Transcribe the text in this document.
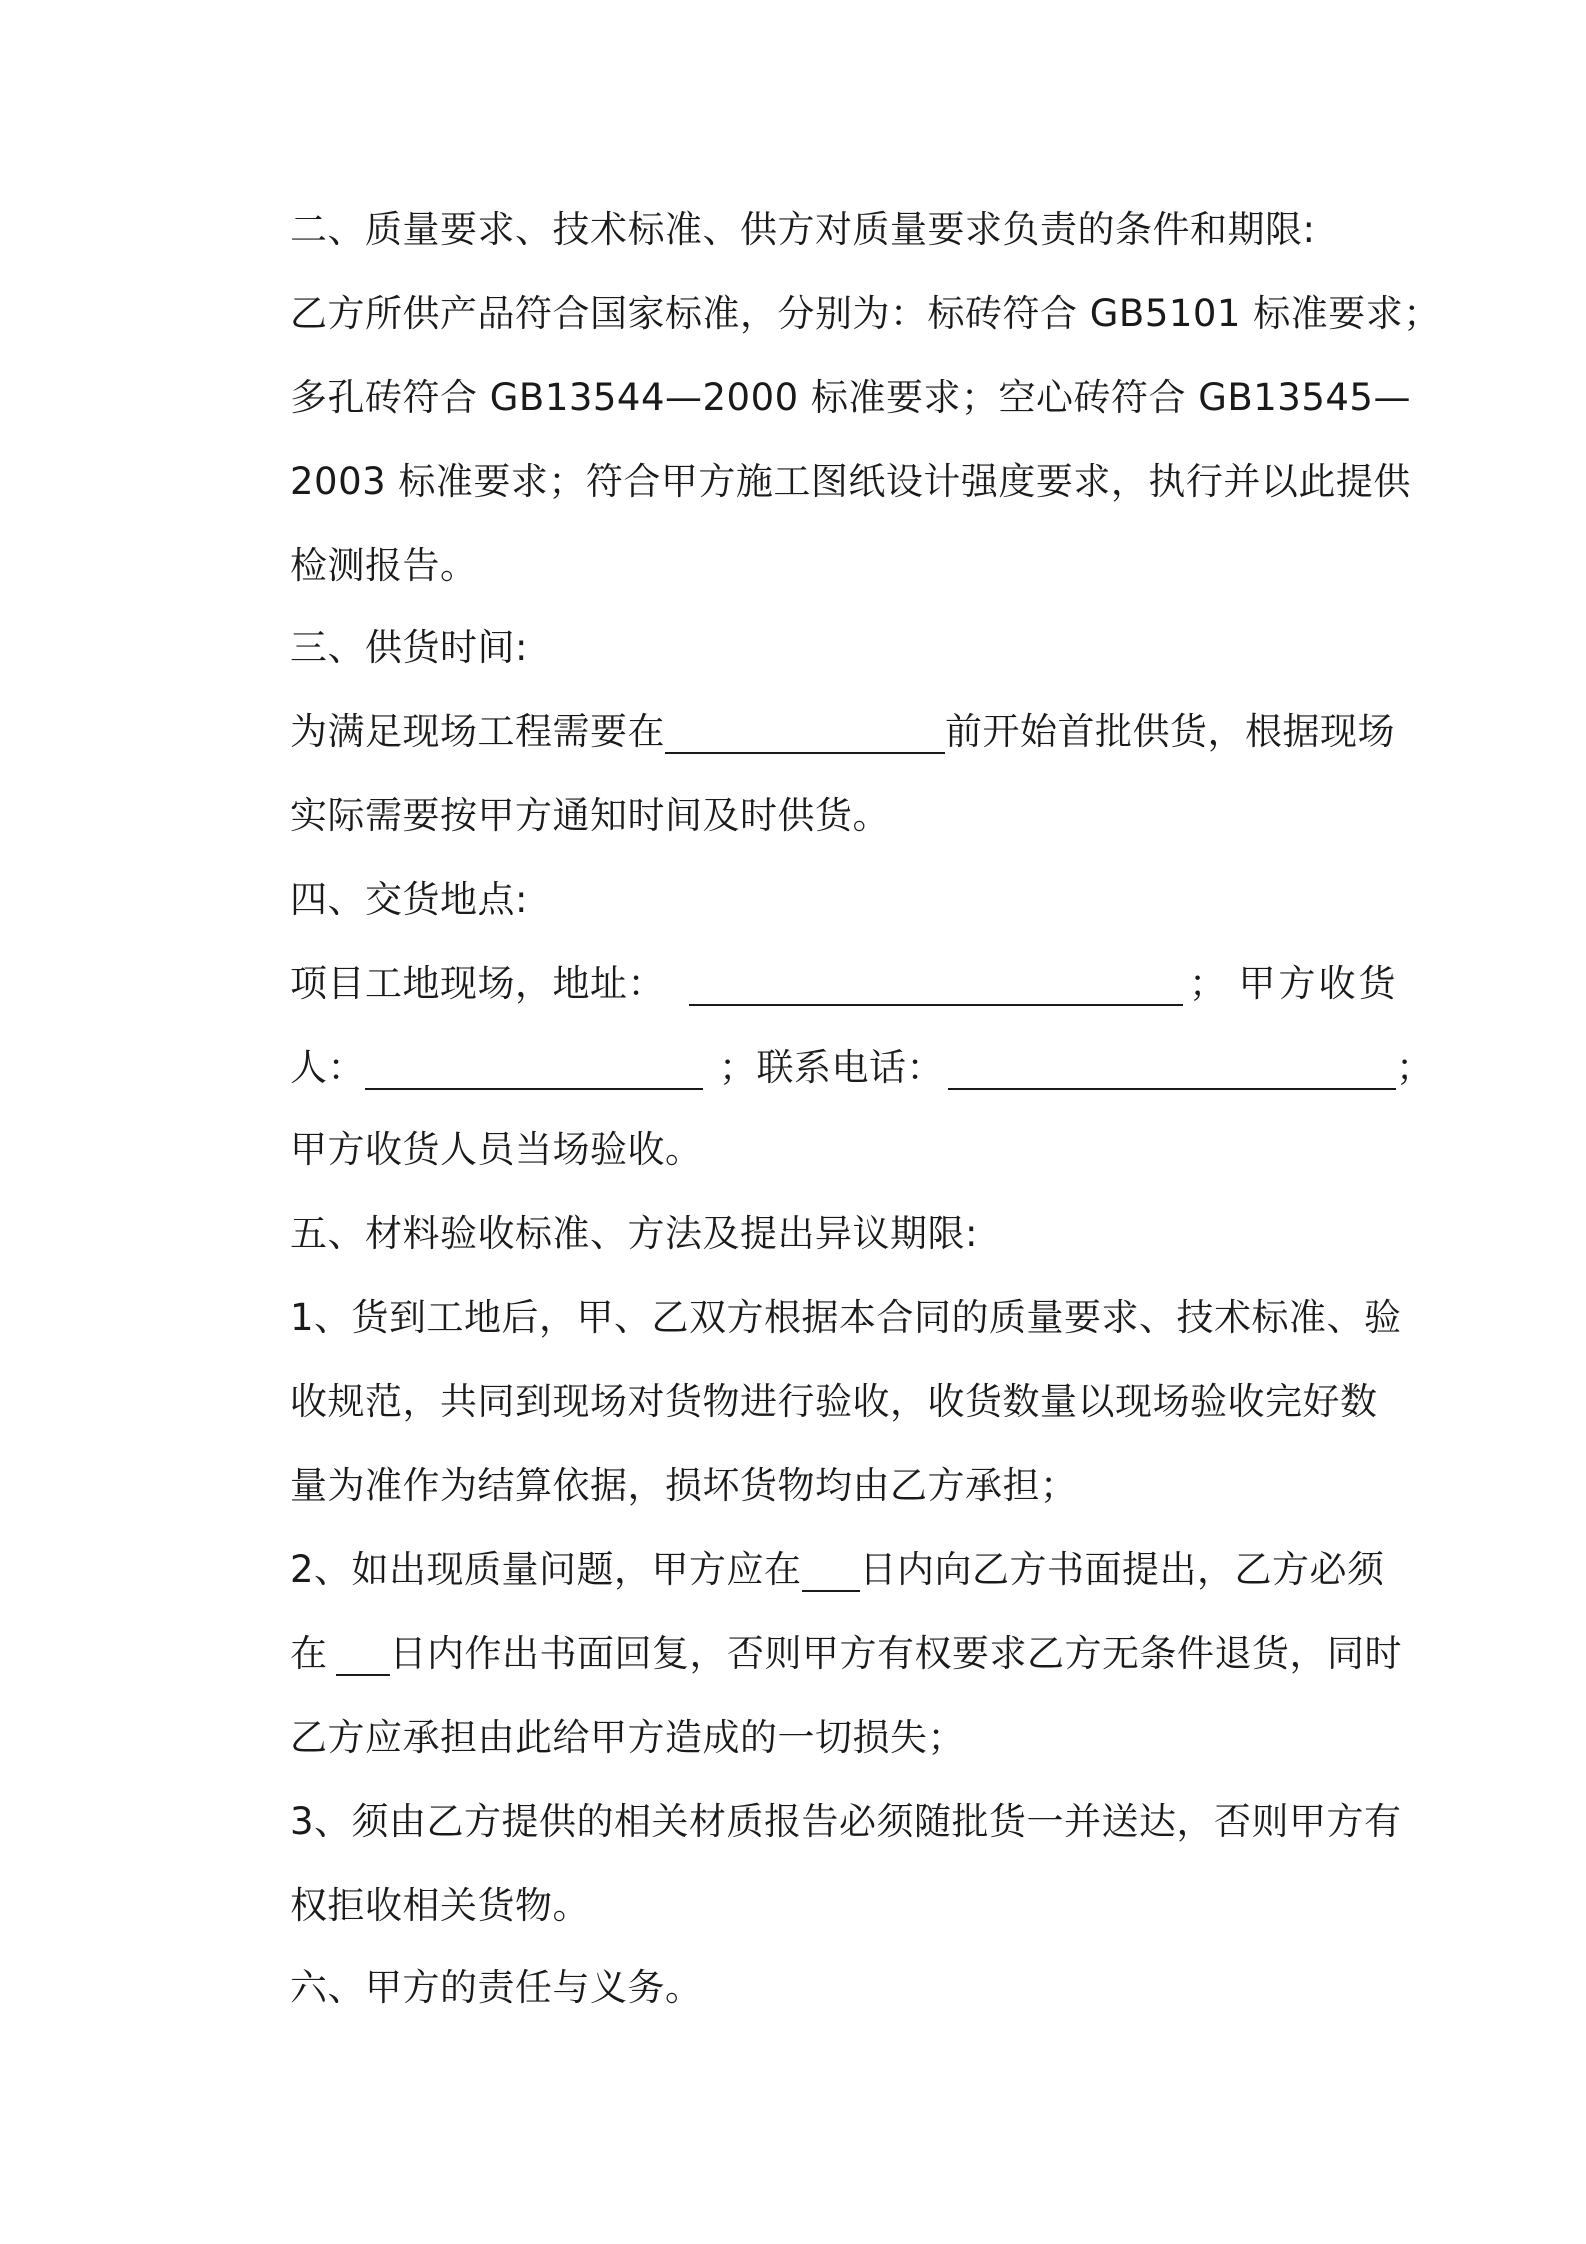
二、质量要求、技术标准、供方对质量要求负责的条件和期限:
乙方所供产品符合国家标准，分别为：标砖符合 GB5101 标准要求；
多孔砖符合 GB13544—2000 标准要求；空心砖符合 GB13545—
2003 标准要求；符合甲方施工图纸设计强度要求，执行并以此提供
检测报告。
三、供货时间:
为满足现场工程需要在	前开始首批供货，根据现场
实际需要按甲方通知时间及时供货。
四、交货地点:
项目工地现场，地址：	； 甲方收货
人：	；联系电话：	；
甲方收货人员当场验收。
五、材料验收标准、方法及提出异议期限:
1、货到工地后，甲、乙双方根据本合同的质量要求、技术标准、验
收规范，共同到现场对货物进行验收，收货数量以现场验收完好数
量为准作为结算依据，损坏货物均由乙方承担；
2、如出现质量问题，甲方应在 日内向乙方书面提出，乙方必须
在 日内作出书面回复，否则甲方有权要求乙方无条件退货，同时
乙方应承担由此给甲方造成的一切损失；
3、须由乙方提供的相关材质报告必须随批货一并送达，否则甲方有
权拒收相关货物。
六、甲方的责任与义务。
